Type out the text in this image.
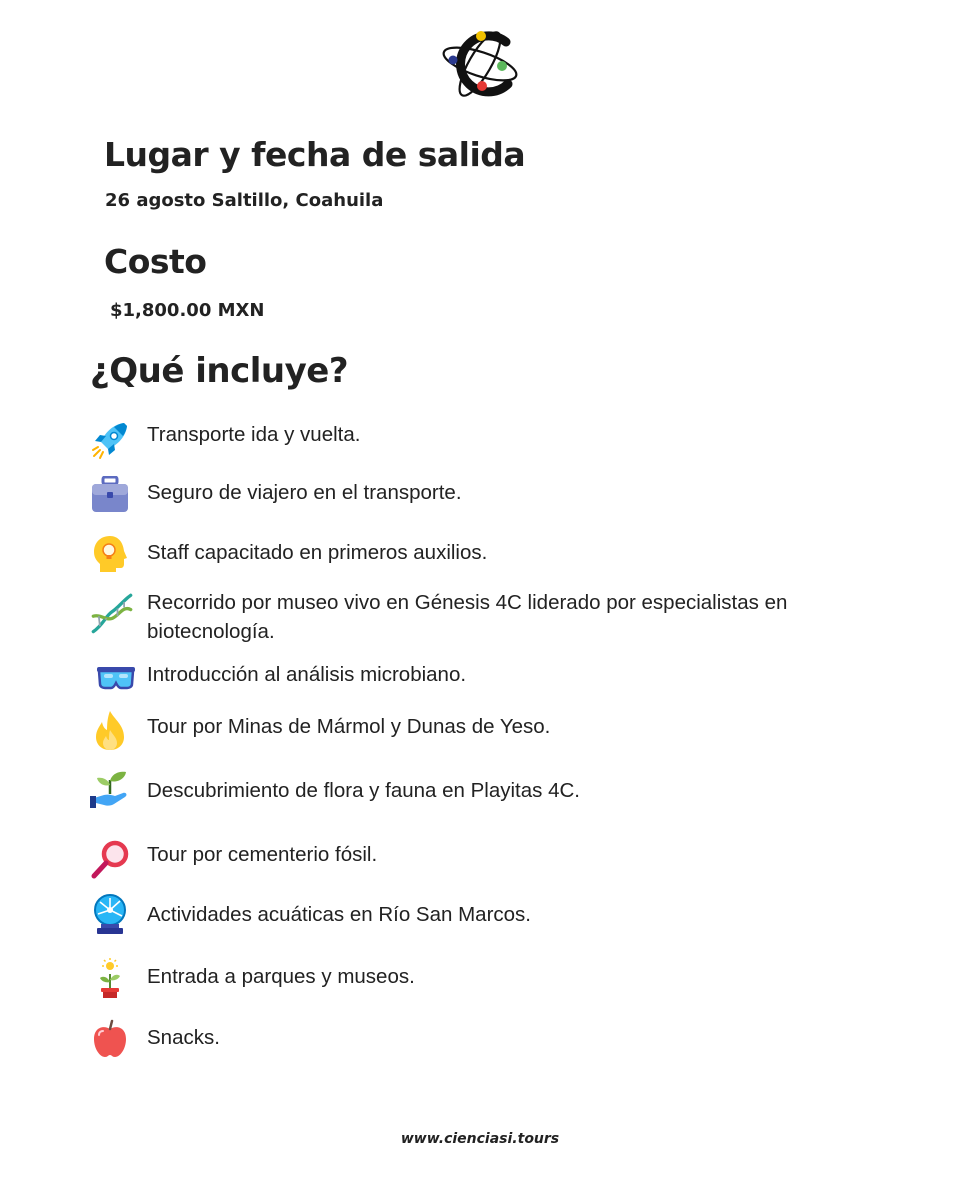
Lugar y fecha de salida
26 agosto Saltillo, Coahuila
Costo
$1,800.00 MXN
¿Qué incluye?
Transporte ida y vuelta.
Seguro de viajero en el transporte.
Staff capacitado en primeros auxilios.
Recorrido por museo vivo en Génesis 4C liderado por especialistas en biotecnología.
Introducción al análisis microbiano.
Tour por Minas de Mármol y Dunas de Yeso.
Descubrimiento de flora y fauna en Playitas 4C.
Tour por cementerio fósil.
Actividades acuáticas en Río San Marcos.
Entrada a parques y museos.
Snacks.
www.cienciasi.tours
